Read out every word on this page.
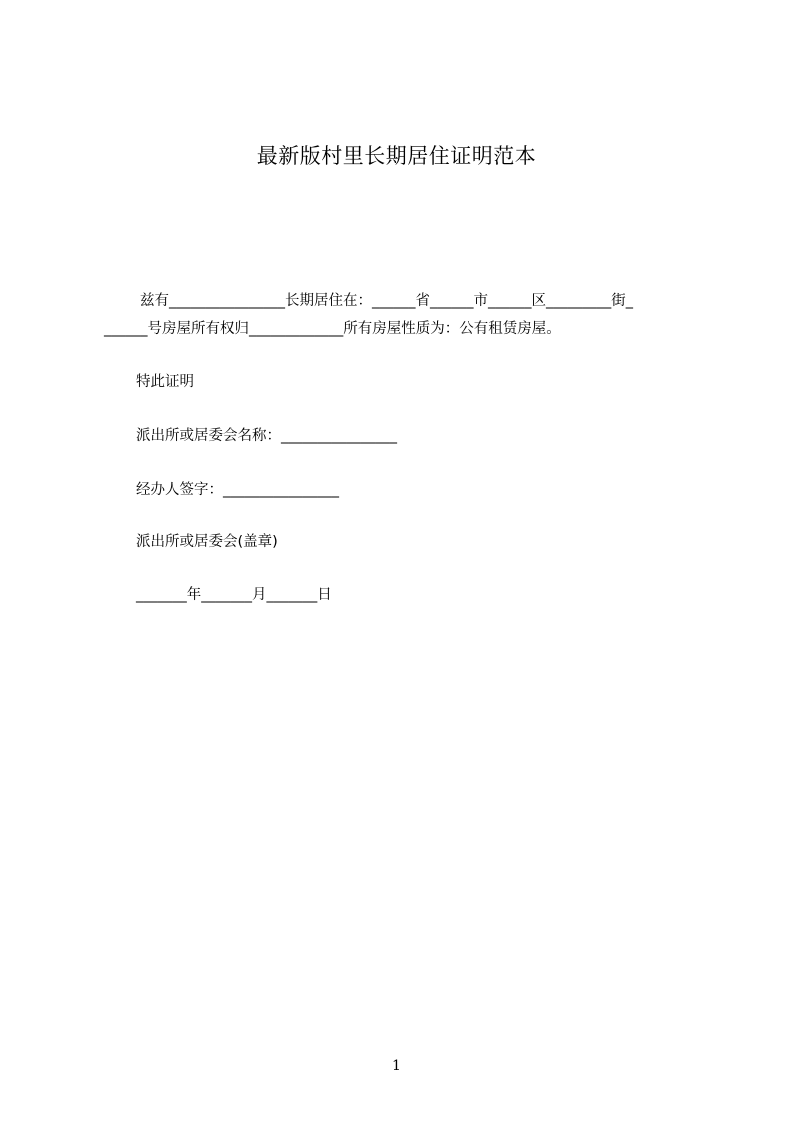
最新版村里长期居住证明范本
兹有________________长期居住在：______省______市______区_________街_
______号房屋所有权归_____________所有房屋性质为：公有租赁房屋。
特此证明
派出所或居委会名称：________________
经办人签字：________________
派出所或居委会(盖章)
_______年_______月_______日
1
